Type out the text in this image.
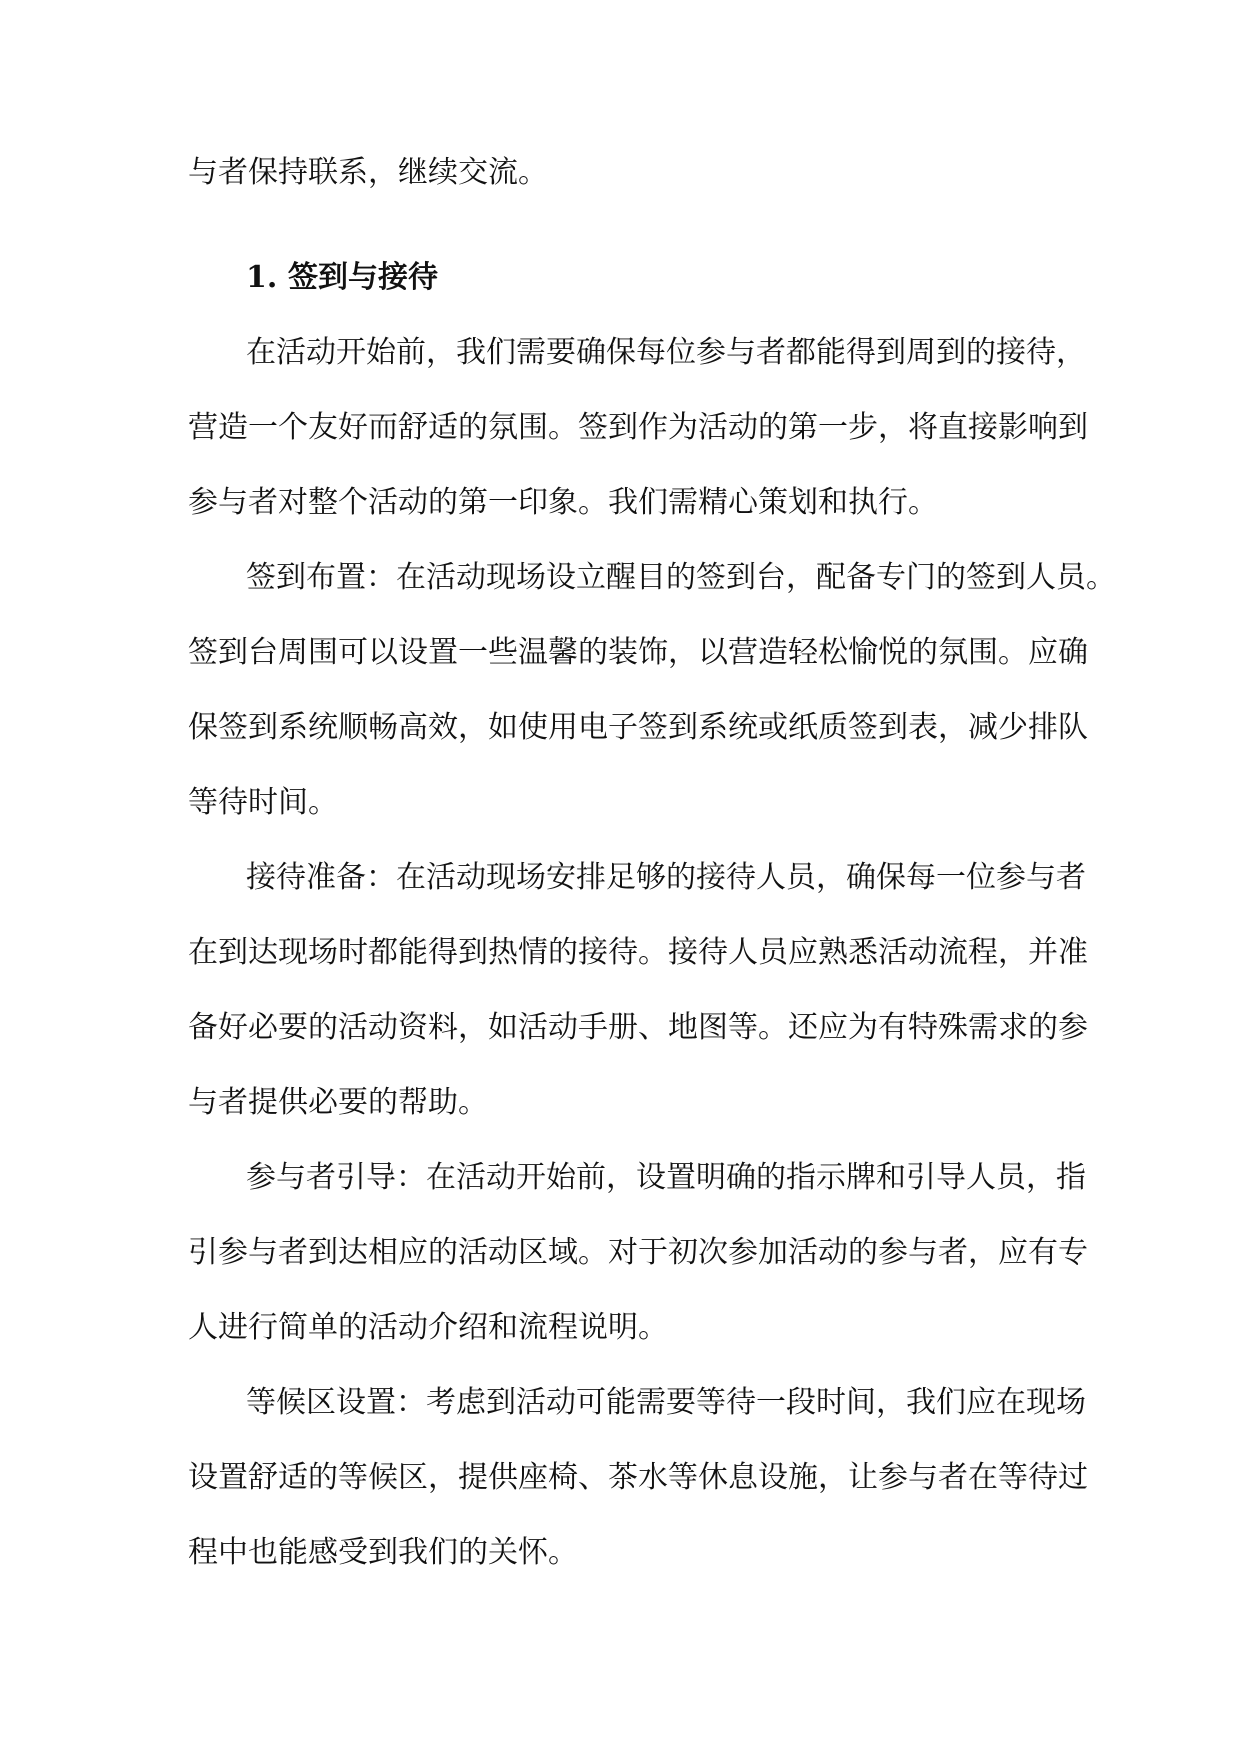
与者保持联系，继续交流。
1. 签到与接待
在活动开始前，我们需要确保每位参与者都能得到周到的接待，
营造一个友好而舒适的氛围。签到作为活动的第一步，将直接影响到
参与者对整个活动的第一印象。我们需精心策划和执行。
签到布置：在活动现场设立醒目的签到台，配备专门的签到人员。
签到台周围可以设置一些温馨的装饰，以营造轻松愉悦的氛围。应确
保签到系统顺畅高效，如使用电子签到系统或纸质签到表，减少排队
等待时间。
接待准备：在活动现场安排足够的接待人员，确保每一位参与者
在到达现场时都能得到热情的接待。接待人员应熟悉活动流程，并准
备好必要的活动资料，如活动手册、地图等。还应为有特殊需求的参
与者提供必要的帮助。
参与者引导：在活动开始前，设置明确的指示牌和引导人员，指
引参与者到达相应的活动区域。对于初次参加活动的参与者，应有专
人进行简单的活动介绍和流程说明。
等候区设置：考虑到活动可能需要等待一段时间，我们应在现场
设置舒适的等候区，提供座椅、茶水等休息设施，让参与者在等待过
程中也能感受到我们的关怀。
